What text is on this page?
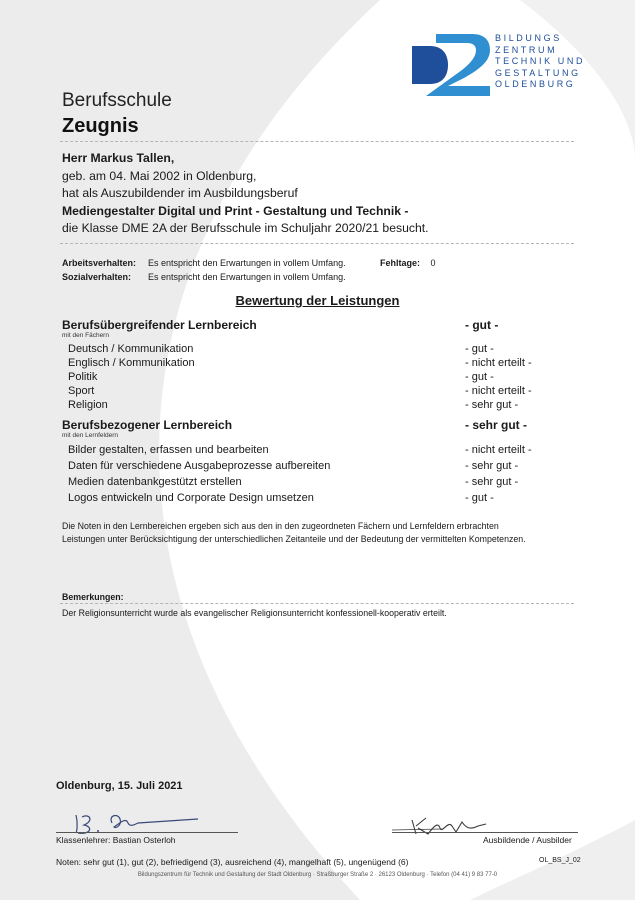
BILDUNGS
ZENTRUM
TECHNIK UND
GESTALTUNG
OLDENBURG
Berufsschule
Zeugnis
Herr Markus Tallen,
geb. am 04. Mai 2002 in Oldenburg,
hat als Auszubildender im Ausbildungsberuf
Mediengestalter Digital und Print - Gestaltung und Technik -
die Klasse DME 2A der Berufsschule im Schuljahr 2020/21 besucht.
Arbeitsverhalten: Es entspricht den Erwartungen in vollem Umfang.	Fehltage: 0
Sozialverhalten: Es entspricht den Erwartungen in vollem Umfang.
Bewertung der Leistungen
Berufsübergreifender Lernbereich	- gut -
mit den Fächern
Deutsch / Kommunikation	- gut -
Englisch / Kommunikation	- nicht erteilt -
Politik	- gut -
Sport	- nicht erteilt -
Religion	- sehr gut -
Berufsbezogener Lernbereich	- sehr gut -
mit den Lernfeldern
Bilder gestalten, erfassen und bearbeiten	- nicht erteilt -
Daten für verschiedene Ausgabeprozesse aufbereiten	- sehr gut -
Medien datenbankgestützt erstellen	- sehr gut -
Logos entwickeln und Corporate Design umsetzen	- gut -
Die Noten in den Lernbereichen ergeben sich aus den in den zugeordneten Fächern und Lernfeldern erbrachten
Leistungen unter Berücksichtigung der unterschiedlichen Zeitanteile und der Bedeutung der vermittelten Kompetenzen.
Bemerkungen:
Der Religionsunterricht wurde als evangelischer Religionsunterricht konfessionell-kooperativ erteilt.
Oldenburg, 15. Juli 2021
Klassenlehrer: Bastian Osterloh	Ausbildende / Ausbilder
Noten: sehr gut (1), gut (2), befriedigend (3), ausreichend (4), mangelhaft (5), ungenügend (6)	OL_BS_J_02
Bildungszentrum für Technik und Gestaltung der Stadt Oldenburg · Straßburger Straße 2 · 26123 Oldenburg · Telefon (04 41) 9 83 77-0
